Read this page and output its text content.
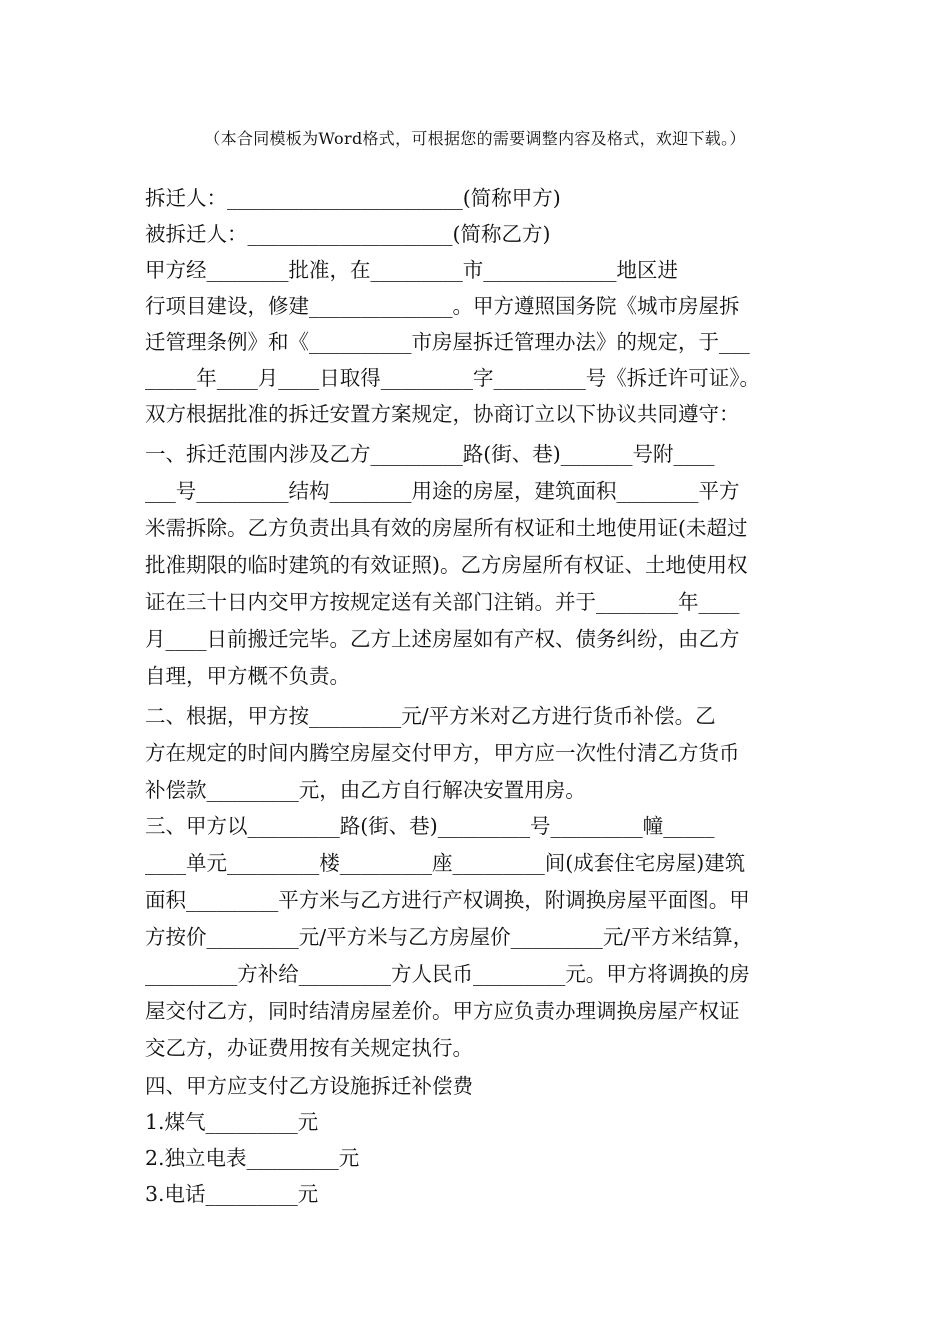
（本合同模板为Word格式，可根据您的需要调整内容及格式，欢迎下载。）
拆迁人：_______________________(简称甲方)
被拆迁人：____________________(简称乙方)
甲方经________批准，在_________市_____________地区进
行项目建设，修建______________。甲方遵照国务院《城市房屋拆
迁管理条例》和《__________市房屋拆迁管理办法》的规定，于___
_____年____月____日取得_________字_________号《拆迁许可证》。
双方根据批准的拆迁安置方案规定，协商订立以下协议共同遵守：
一、拆迁范围内涉及乙方_________路(街、巷)_______号附____
___号_________结构________用途的房屋，建筑面积________平方
米需拆除。乙方负责出具有效的房屋所有权证和土地使用证(未超过
批准期限的临时建筑的有效证照)。乙方房屋所有权证、土地使用权
证在三十日内交甲方按规定送有关部门注销。并于________年____
月____日前搬迁完毕。乙方上述房屋如有产权、债务纠纷，由乙方
自理，甲方概不负责。
二、根据，甲方按_________元/平方米对乙方进行货币补偿。乙
方在规定的时间内腾空房屋交付甲方，甲方应一次性付清乙方货币
补偿款_________元，由乙方自行解决安置用房。
三、甲方以_________路(街、巷)_________号_________幢_____
____单元_________楼_________座_________间(成套住宅房屋)建筑
面积_________平方米与乙方进行产权调换，附调换房屋平面图。甲
方按价_________元/平方米与乙方房屋价_________元/平方米结算，
_________方补给_________方人民币_________元。甲方将调换的房
屋交付乙方，同时结清房屋差价。甲方应负责办理调换房屋产权证
交乙方，办证费用按有关规定执行。
四、甲方应支付乙方设施拆迁补偿费
1.煤气_________元
2.独立电表_________元
3.电话_________元
